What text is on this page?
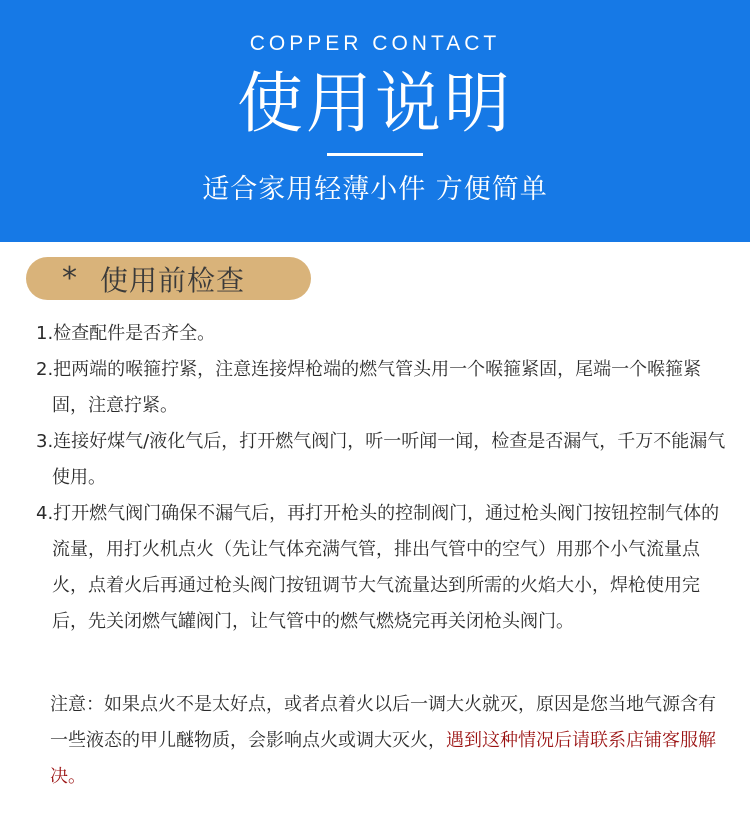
COPPER CONTACT
使用说明
适合家用轻薄小件 方便简单
* 使用前检查
1.检查配件是否齐全。
2.把两端的喉箍拧紧，注意连接焊枪端的燃气管头用一个喉箍紧固，尾端一个喉箍紧固，注意拧紧。
3.连接好煤气/液化气后，打开燃气阀门，听一听闻一闻，检查是否漏气，千万不能漏气使用。
4.打开燃气阀门确保不漏气后，再打开枪头的控制阀门，通过枪头阀门按钮控制气体的流量，用打火机点火（先让气体充满气管，排出气管中的空气）用那个小气流量点火，点着火后再通过枪头阀门按钮调节大气流量达到所需的火焰大小，焊枪使用完后，先关闭燃气罐阀门，让气管中的燃气燃烧完再关闭枪头阀门。
注意：如果点火不是太好点，或者点着火以后一调大火就灭，原因是您当地气源含有一些液态的甲儿醚物质，会影响点火或调大灭火，遇到这种情况后请联系店铺客服解决。
